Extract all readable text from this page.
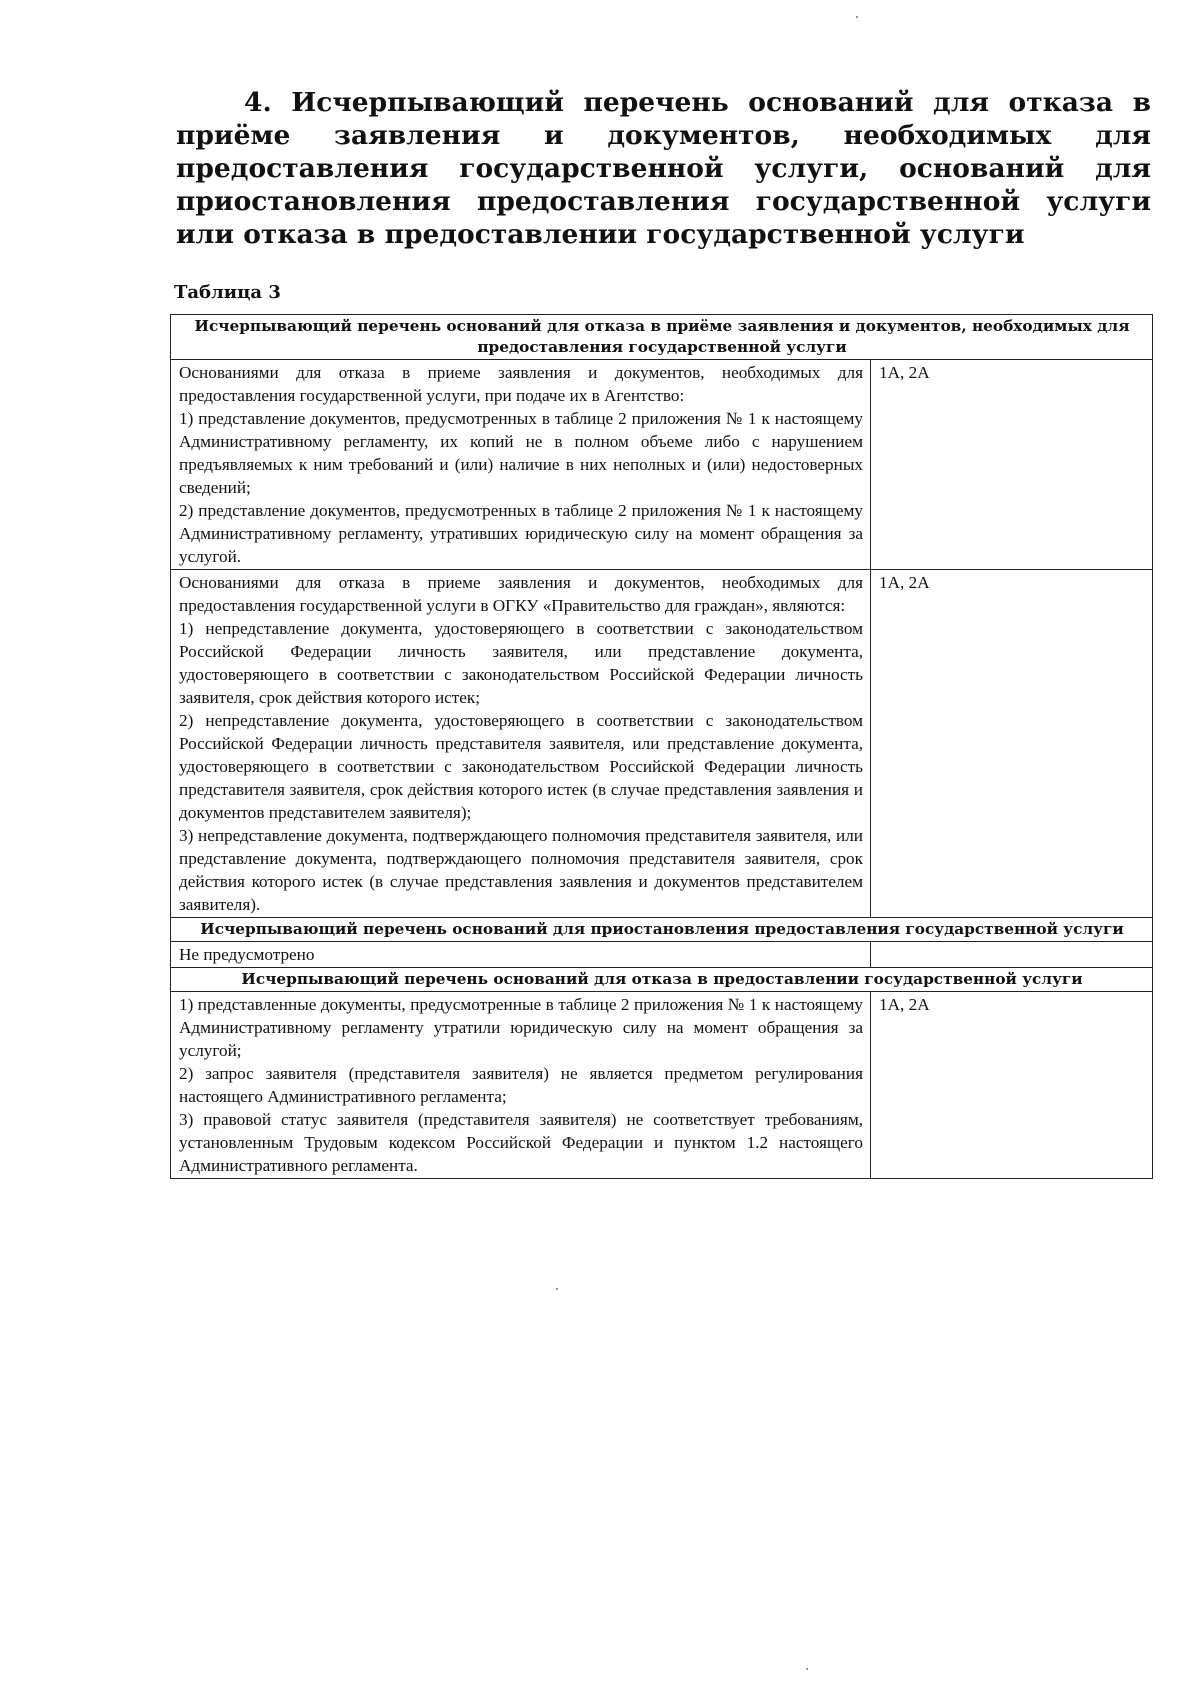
4. Исчерпывающий перечень оснований для отказа в приёме заявления и документов, необходимых для предоставления государственной услуги, оснований для приостановления предоставления государственной услуги или отказа в предоставлении государственной услуги
Таблица 3
Исчерпывающий перечень оснований для отказа в приёме заявления и документов, необходимых для предоставления государственной услуги	

Основаниями для отказа в приеме заявления и документов, необходимых для предоставления государственной услуги, при подаче их в Агентство:

1) представление документов, предусмотренных в таблице 2 приложения № 1 к настоящему Административному регламенту, их копий не в полном объеме либо с нарушением предъявляемых к ним требований и (или) наличие в них неполных и (или) недостоверных сведений;

2) представление документов, предусмотренных в таблице 2 приложения № 1 к настоящему Административному регламенту, утративших юридическую силу на момент обращения за услугой.	1А, 2А

Основаниями для отказа в приеме заявления и документов, необходимых для предоставления государственной услуги в ОГКУ «Правительство для граждан», являются:

1) непредставление документа, удостоверяющего в соответствии с законодательством Российской Федерации личность заявителя, или представление документа, удостоверяющего в соответствии с законодательством Российской Федерации личность заявителя, срок действия которого истек;

2) непредставление документа, удостоверяющего в соответствии с законодательством Российской Федерации личность представителя заявителя, или представление документа, удостоверяющего в соответствии с законодательством Российской Федерации личность представителя заявителя, срок действия которого истек (в случае представления заявления и документов представителем заявителя);

3) непредставление документа, подтверждающего полномочия представителя заявителя, или представление документа, подтверждающего полномочия представителя заявителя, срок действия которого истек (в случае представления заявления и документов представителем заявителя).	1А, 2А
Исчерпывающий перечень оснований для приостановления предоставления государственной услуги	

Не предусмотрено	

Исчерпывающий перечень оснований для отказа в предоставлении государственной услуги	

1) представленные документы, предусмотренные в таблице 2 приложения № 1 к настоящему Административному регламенту утратили юридическую силу на момент обращения за услугой;

2) запрос заявителя (представителя заявителя) не является предметом регулирования настоящего Административного регламента;

3) правовой статус заявителя (представителя заявителя) не соответствует требованиям, установленным Трудовым кодексом Российской Федерации и пунктом 1.2 настоящего Административного регламента.	1А, 2А
